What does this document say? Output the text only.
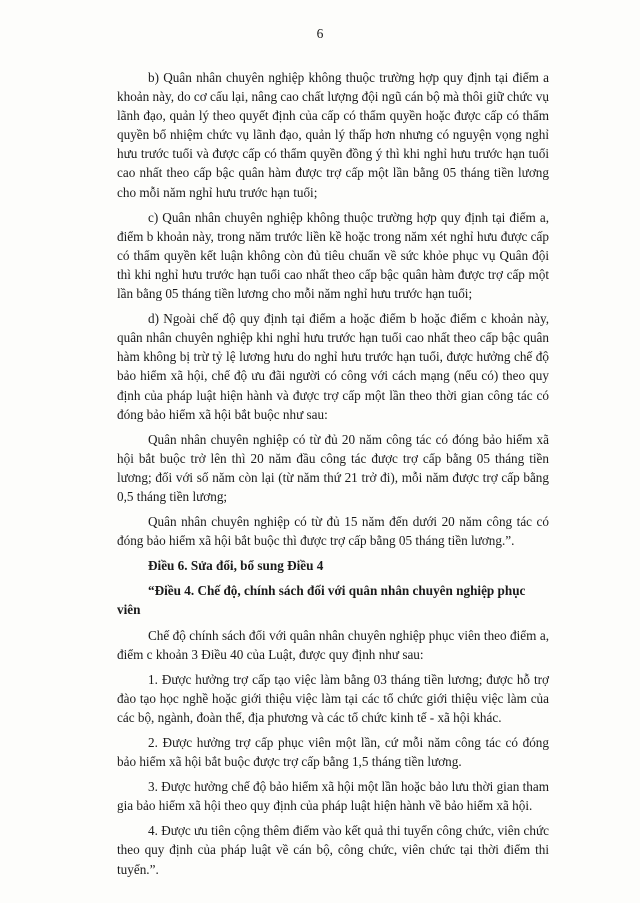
6

b) Quân nhân chuyên nghiệp không thuộc trường hợp quy định tại điểm a khoản này, do cơ cấu lại, nâng cao chất lượng đội ngũ cán bộ mà thôi giữ chức vụ lãnh đạo, quản lý theo quyết định của cấp có thẩm quyền hoặc được cấp có thẩm quyền bổ nhiệm chức vụ lãnh đạo, quản lý thấp hơn nhưng có nguyện vọng nghỉ hưu trước tuổi và được cấp có thẩm quyền đồng ý thì khi nghỉ hưu trước hạn tuổi cao nhất theo cấp bậc quân hàm được trợ cấp một lần bằng 05 tháng tiền lương cho mỗi năm nghỉ hưu trước hạn tuổi;

c) Quân nhân chuyên nghiệp không thuộc trường hợp quy định tại điểm a, điểm b khoản này, trong năm trước liền kề hoặc trong năm xét nghỉ hưu được cấp có thẩm quyền kết luận không còn đủ tiêu chuẩn về sức khỏe phục vụ Quân đội thì khi nghỉ hưu trước hạn tuổi cao nhất theo cấp bậc quân hàm được trợ cấp một lần bằng 05 tháng tiền lương cho mỗi năm nghỉ hưu trước hạn tuổi;

d) Ngoài chế độ quy định tại điểm a hoặc điểm b hoặc điểm c khoản này, quân nhân chuyên nghiệp khi nghỉ hưu trước hạn tuổi cao nhất theo cấp bậc quân hàm không bị trừ tỷ lệ lương hưu do nghỉ hưu trước hạn tuổi, được hưởng chế độ bảo hiểm xã hội, chế độ ưu đãi người có công với cách mạng (nếu có) theo quy định của pháp luật hiện hành và được trợ cấp một lần theo thời gian công tác có đóng bảo hiểm xã hội bắt buộc như sau:

Quân nhân chuyên nghiệp có từ đủ 20 năm công tác có đóng bảo hiểm xã hội bắt buộc trở lên thì 20 năm đầu công tác được trợ cấp bằng 05 tháng tiền lương; đối với số năm còn lại (từ năm thứ 21 trở đi), mỗi năm được trợ cấp bằng 0,5 tháng tiền lương;

Quân nhân chuyên nghiệp có từ đủ 15 năm đến dưới 20 năm công tác có đóng bảo hiểm xã hội bắt buộc thì được trợ cấp bằng 05 tháng tiền lương.”.

Điều 6. Sửa đổi, bổ sung Điều 4

“Điều 4. Chế độ, chính sách đối với quân nhân chuyên nghiệp phục viên

Chế độ chính sách đối với quân nhân chuyên nghiệp phục viên theo điểm a, điểm c khoản 3 Điều 40 của Luật, được quy định như sau:

1. Được hưởng trợ cấp tạo việc làm bằng 03 tháng tiền lương; được hỗ trợ đào tạo học nghề hoặc giới thiệu việc làm tại các tổ chức giới thiệu việc làm của các bộ, ngành, đoàn thể, địa phương và các tổ chức kinh tế - xã hội khác.

2. Được hưởng trợ cấp phục viên một lần, cứ mỗi năm công tác có đóng bảo hiểm xã hội bắt buộc được trợ cấp bằng 1,5 tháng tiền lương.

3. Được hưởng chế độ bảo hiểm xã hội một lần hoặc bảo lưu thời gian tham gia bảo hiểm xã hội theo quy định của pháp luật hiện hành về bảo hiểm xã hội.

4. Được ưu tiên cộng thêm điểm vào kết quả thi tuyển công chức, viên chức theo quy định của pháp luật về cán bộ, công chức, viên chức tại thời điểm thi tuyển.”.
